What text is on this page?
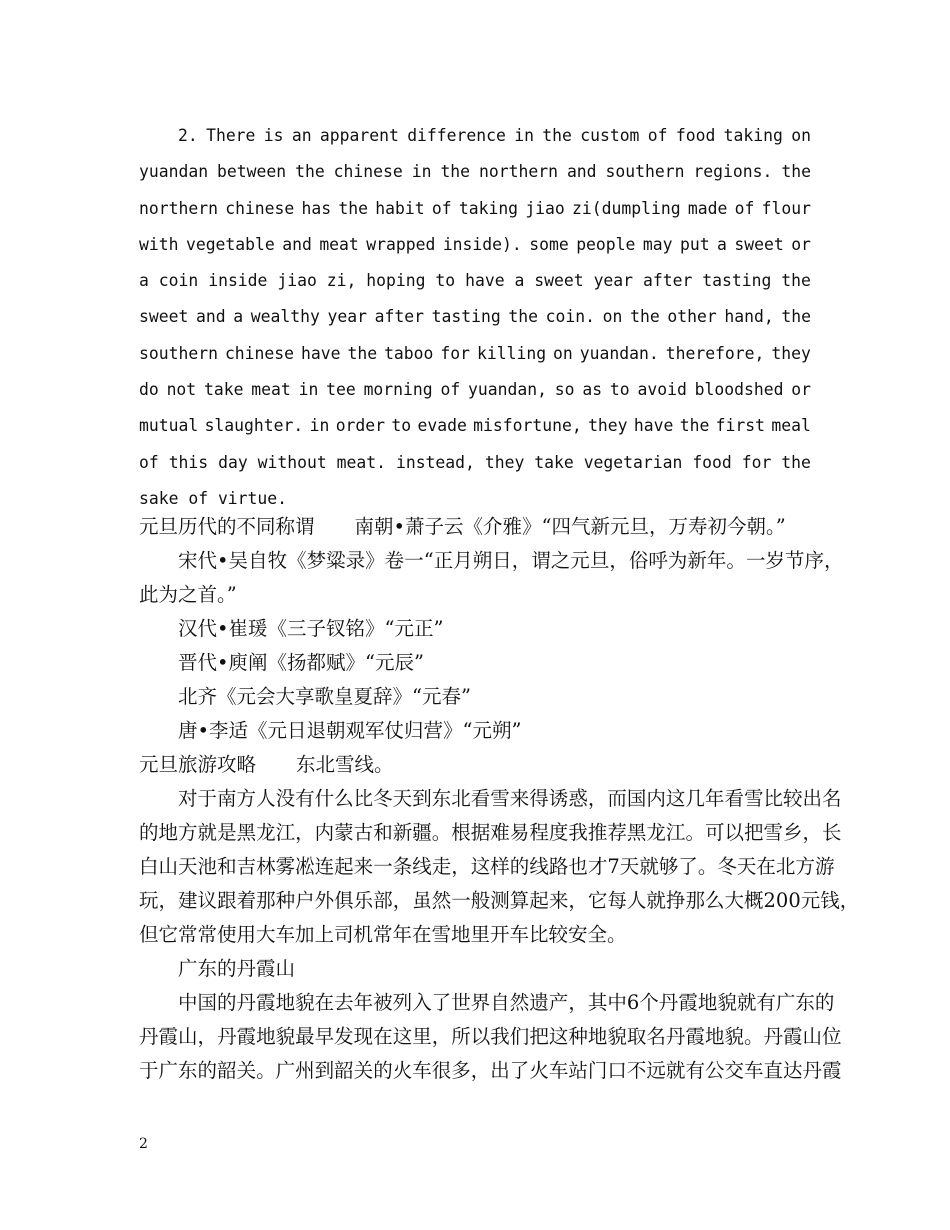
2. There is an apparent difference in the custom of food taking on
yuandan between the chinese in the northern and southern regions. the
northern chinese has the habit of taking jiao zi(dumpling made of flour
with vegetable and meat wrapped inside). some people may put a sweet or
a coin inside jiao zi, hoping to have a sweet year after tasting the
sweet and a wealthy year after tasting the coin. on the other hand, the
southern chinese have the taboo for killing on yuandan. therefore, they
do not take meat in tee morning of yuandan, so as to avoid bloodshed or
mutual slaughter. in order to evade misfortune, they have the first meal
of this day without meat. instead, they take vegetarian food for the
sake of virtue.
元旦历代的不同称谓 南朝•萧子云《介雅》“四气新元旦，万寿初今朝。”
宋 代 • 吴 自 牧 《 梦 粱 录 》 卷 一 “ 正 月 朔 日 ， 谓 之 元 旦 ， 俗 呼 为 新 年 。 一 岁 节 序 ，
此为之首。”
汉代•崔瑗《三子钗铭》“元正”
晋代•庾阐《扬都赋》“元辰”
北齐《元会大享歌皇夏辞》“元春”
唐•李适《元日退朝观军仗归营》“元朔”
元旦旅游攻略 东北雪线。
对 于 南 方 人 没 有 什 么 比 冬 天 到 东 北 看 雪 来 得 诱 惑 ， 而 国 内 这 几 年 看 雪 比 较 出 名
的 地 方 就 是 黑 龙 江 ， 内 蒙 古 和 新 疆 。 根 据 难 易 程 度 我 推 荐 黑 龙 江 。 可 以 把 雪 乡 ， 长
白 山 天 池 和 吉 林 雾 凇 连 起 来 一 条 线 走 ， 这 样 的 线 路 也 才 7 天 就 够 了 。 冬 天 在 北 方 游
玩 ， 建 议 跟 着 那 种 户 外 俱 乐 部 ， 虽 然 一 般 测 算 起 来 ， 它 每 人 就 挣 那 么 大 概 200 元 钱 ，
但它常常使用大车加上司机常年在雪地里开车比较安全。
广东的丹霞山
中 国 的 丹 霞 地 貌 在 去 年 被 列 入 了 世 界 自 然 遗 产 ， 其 中 6 个 丹 霞 地 貌 就 有 广 东 的
丹 霞 山 ， 丹 霞 地 貌 最 早 发 现 在 这 里 ， 所 以 我 们 把 这 种 地 貌 取 名 丹 霞 地 貌 。 丹 霞 山 位
于 广 东 的 韶 关 。 广 州 到 韶 关 的 火 车 很 多 ， 出 了 火 车 站 门 口 不 远 就 有 公 交 车 直 达 丹 霞
2
